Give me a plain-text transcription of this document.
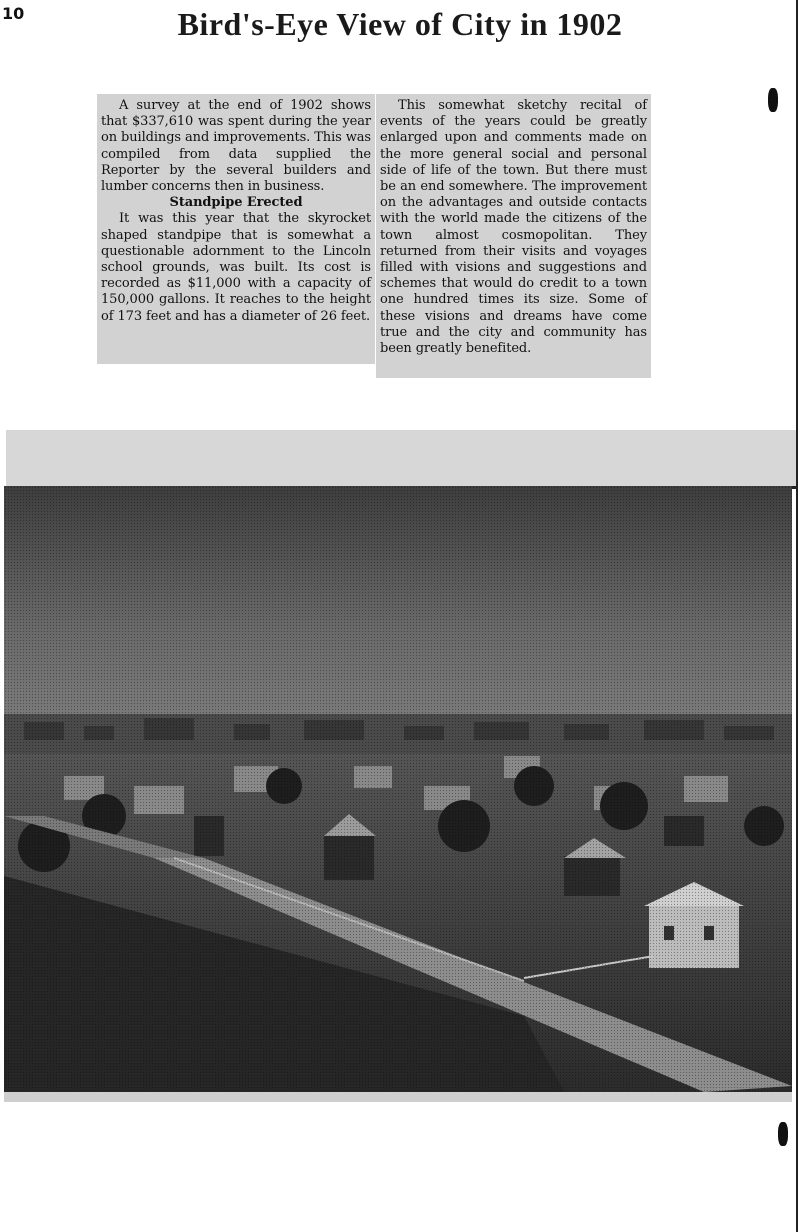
10

A survey at the end of 1902 shows that $337,610 was spent during the year on buildings and improvements. This was compiled from data supplied the Reporter by the several builders and lumber concerns then in business.

Standpipe Erected

It was this year that the skyrocket shaped standpipe that is somewhat a questionable adornment to the Lincoln school grounds, was built. Its cost is recorded as $11,000 with a capacity of 150,000 gallons. It reaches to the height of 173 feet and has a diameter of 26 feet.

This somewhat sketchy recital of events of the years could be greatly enlarged upon and comments made on the more general social and personal side of life of the town. But there must be an end somewhere. The improvement on the advantages and outside contacts with the world made the citizens of the town almost cosmopolitan. They returned from their visits and voyages filled with visions and suggestions and schemes that would do credit to a town one hundred times its size. Some of these visions and dreams have come true and the city and community has been greatly benefited.

Bird's-Eye View of City in 1902
